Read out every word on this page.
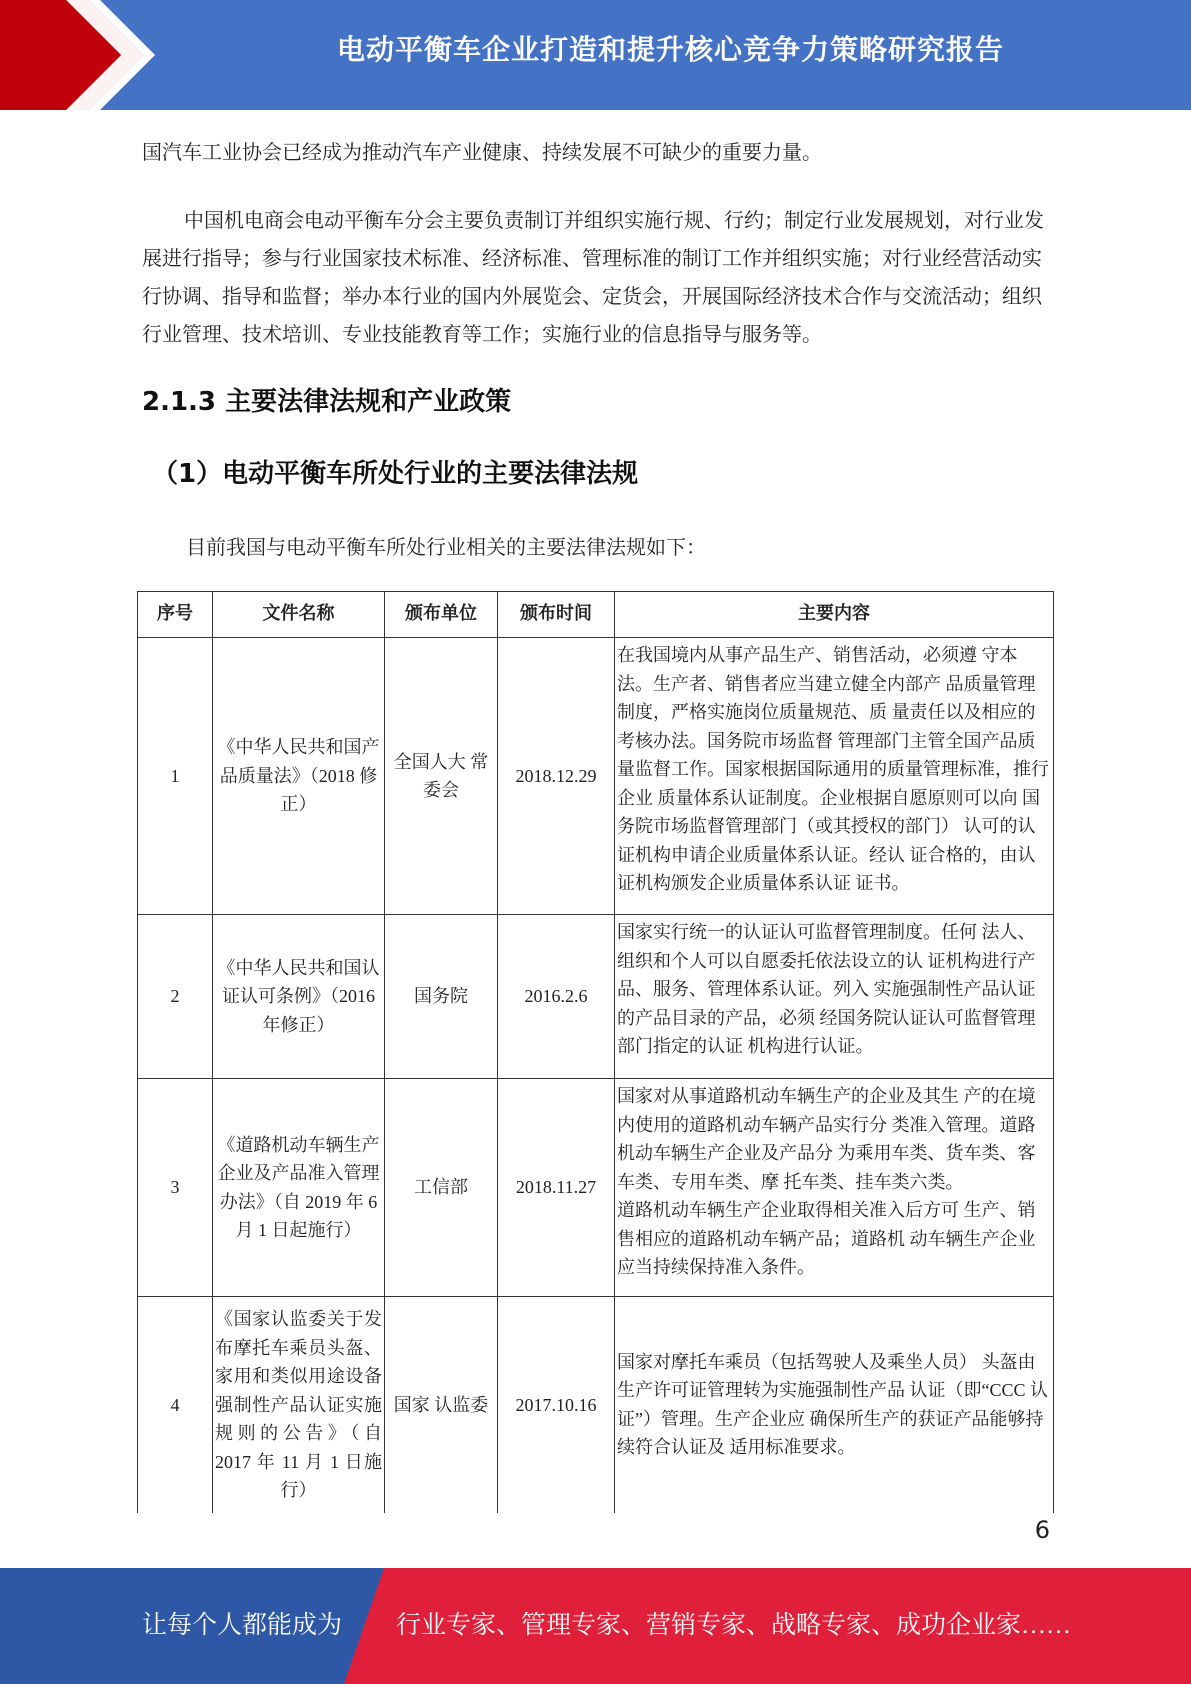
电动平衡车企业打造和提升核心竞争力策略研究报告

国汽车工业协会已经成为推动汽车产业健康、持续发展不可缺少的重要力量。

中国机电商会电动平衡车分会主要负责制订并组织实施行规、行约；制定行业发展规划，对行业发展进行指导；参与行业国家技术标准、经济标准、管理标准的制订工作并组织实施；对行业经营活动实行协调、指导和监督；举办本行业的国内外展览会、定货会，开展国际经济技术合作与交流活动；组织行业管理、技术培训、专业技能教育等工作；实施行业的信息指导与服务等。

2.1.3 主要法律法规和产业政策
（1）电动平衡车所处行业的主要法律法规

目前我国与电动平衡车所处行业相关的主要法律法规如下：

序号	文件名称	颁布单位	颁布时间	主要内容
1	《中华人民共和国产品质量法》（2018 修正）	全国人大 常委会	2018.12.29	在我国境内从事产品生产、销售活动，必须遵 守本法。生产者、销售者应当建立健全内部产 品质量管理制度，严格实施岗位质量规范、质 量责任以及相应的考核办法。国务院市场监督 管理部门主管全国产品质量监督工作。国家根据国际通用的质量管理标准，推行企业 质量体系认证制度。企业根据自愿原则可以向 国务院市场监督管理部门（或其授权的部门） 认可的认证机构申请企业质量体系认证。经认 证合格的，由认证机构颁发企业质量体系认证 证书。
2	《中华人民共和国认证认可条例》（2016 年修正）	国务院	2016.2.6	国家实行统一的认证认可监督管理制度。任何 法人、组织和个人可以自愿委托依法设立的认 证机构进行产品、服务、管理体系认证。列入 实施强制性产品认证的产品目录的产品，必须 经国务院认证认可监督管理部门指定的认证 机构进行认证。
3	《道路机动车辆生产企业及产品准入管理办法》（自 2019 年 6 月 1 日起施行）	工信部	2018.11.27	国家对从事道路机动车辆生产的企业及其生 产的在境内使用的道路机动车辆产品实行分 类准入管理。道路机动车辆生产企业及产品分 为乘用车类、货车类、客车类、专用车类、摩 托车类、挂车类六类。
道路机动车辆生产企业取得相关准入后方可 生产、销售相应的道路机动车辆产品；道路机 动车辆生产企业应当持续保持准入条件。

4	《国家认监委关于发布摩托车乘员头盔、家用和类似用途设备强制性产品认证实施规则的公告》（自 2017 年 11 月 1 日施行）	国家 认监委	2017.10.16	国家对摩托车乘员（包括驾驶人及乘坐人员） 头盔由生产许可证管理转为实施强制性产品 认证（即“CCC 认证”）管理。生产企业应 确保所生产的获证产品能够持续符合认证及 适用标准要求。
6
让每个人都能成为 行业专家、管理专家、营销专家、战略专家、成功企业家……
